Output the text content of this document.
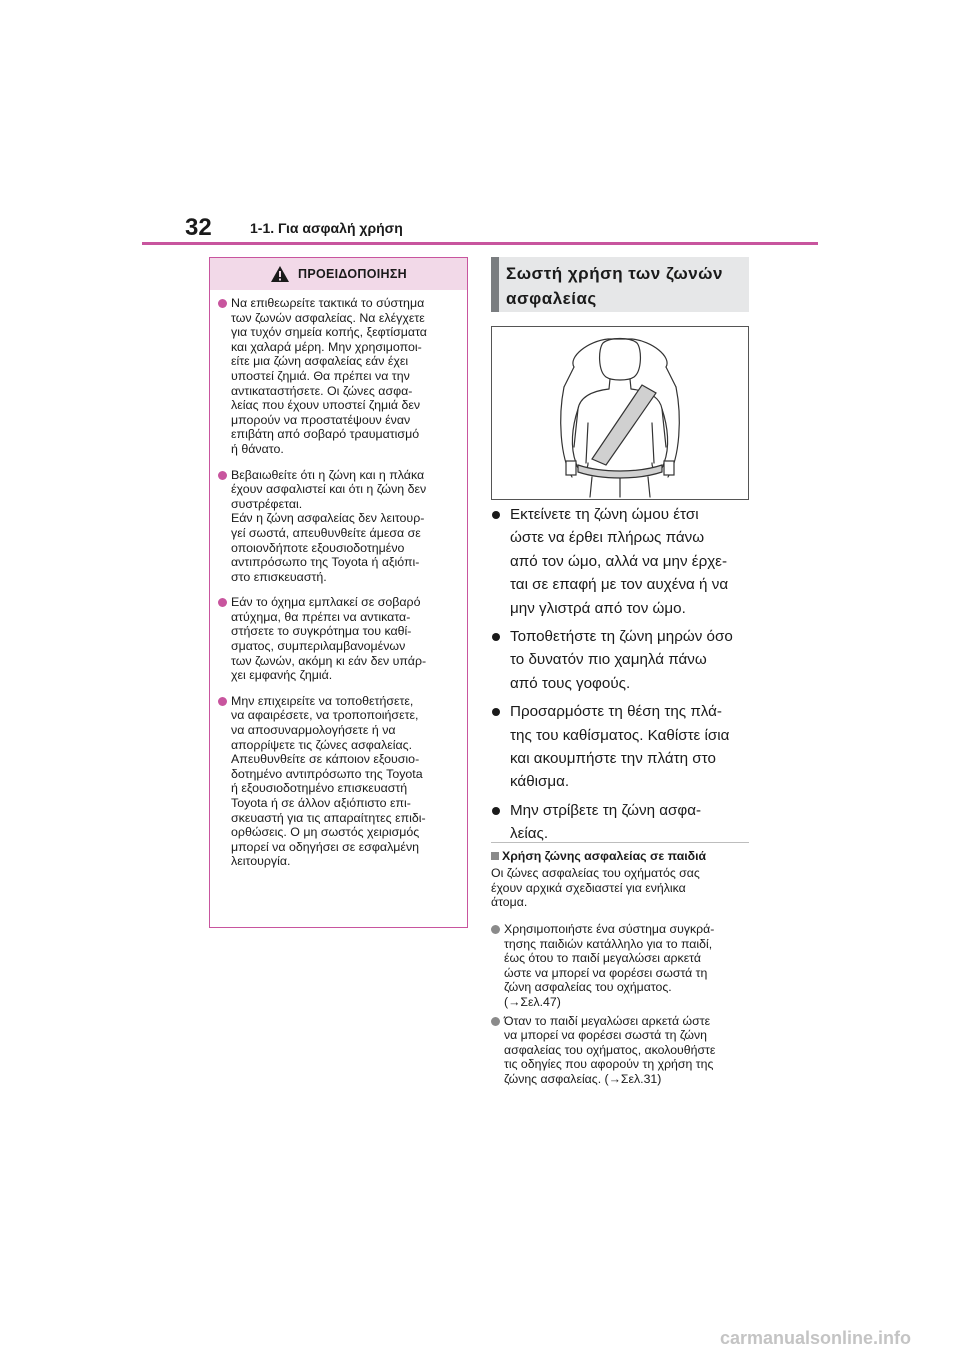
32	1-1. Για ασφαλή χρήση
ΠΡΟΕΙΔΟΠΟΙΗΣΗ
Να επιθεωρείτε τακτικά το σύστημα
των ζωνών ασφαλείας. Να ελέγχετε
για τυχόν σημεία κοπής, ξεφτίσματα
και χαλαρά μέρη. Μην χρησιμοποι-
είτε μια ζώνη ασφαλείας εάν έχει
υποστεί ζημιά. Θα πρέπει να την
αντικαταστήσετε. Οι ζώνες ασφα-
λείας που έχουν υποστεί ζημιά δεν
μπορούν να προστατέψουν έναν
επιβάτη από σοβαρό τραυματισμό
ή θάνατο.
Βεβαιωθείτε ότι η ζώνη και η πλάκα
έχουν ασφαλιστεί και ότι η ζώνη δεν
συστρέφεται.
Εάν η ζώνη ασφαλείας δεν λειτουρ-
γεί σωστά, απευθυνθείτε άμεσα σε
οποιονδήποτε εξουσιοδοτημένο
αντιπρόσωπο της Toyota ή αξιόπι-
στο επισκευαστή.
Εάν το όχημα εμπλακεί σε σοβαρό
ατύχημα, θα πρέπει να αντικατα-
στήσετε το συγκρότημα του καθί-
σματος, συμπεριλαμβανομένων
των ζωνών, ακόμη κι εάν δεν υπάρ-
χει εμφανής ζημιά.
Μην επιχειρείτε να τοποθετήσετε,
να αφαιρέσετε, να τροποποιήσετε,
να αποσυναρμολογήσετε ή να
απορρίψετε τις ζώνες ασφαλείας.
Απευθυνθείτε σε κάποιον εξουσιο-
δοτημένο αντιπρόσωπο της Toyota
ή εξουσιοδοτημένο επισκευαστή
Toyota ή σε άλλον αξιόπιστο επι-
σκευαστή για τις απαραίτητες επιδι-
ορθώσεις. Ο μη σωστός χειρισμός
μπορεί να οδηγήσει σε εσφαλμένη
λειτουργία.
Σωστή χρήση των ζωνών
ασφαλείας
Εκτείνετε τη ζώνη ώμου έτσι
ώστε να έρθει πλήρως πάνω
από τον ώμο, αλλά να μην έρχε-
ται σε επαφή με τον αυχένα ή να
μην γλιστρά από τον ώμο.
Τοποθετήστε τη ζώνη μηρών όσο
το δυνατόν πιο χαμηλά πάνω
από τους γοφούς.
Προσαρμόστε τη θέση της πλά-
της του καθίσματος. Καθίστε ίσια
και ακουμπήστε την πλάτη στο
κάθισμα.
Μην στρίβετε τη ζώνη ασφα-
λείας.
Χρήση ζώνης ασφαλείας σε παιδιά
Οι ζώνες ασφαλείας του οχήματός σας
έχουν αρχικά σχεδιαστεί για ενήλικα
άτομα.
Χρησιμοποιήστε ένα σύστημα συγκρά-
τησης παιδιών κατάλληλο για το παιδί,
έως ότου το παιδί μεγαλώσει αρκετά
ώστε να μπορεί να φορέσει σωστά τη
ζώνη ασφαλείας του οχήματος.
(→Σελ.47)
Όταν το παιδί μεγαλώσει αρκετά ώστε
να μπορεί να φορέσει σωστά τη ζώνη
ασφαλείας του οχήματος, ακολουθήστε
τις οδηγίες που αφορούν τη χρήση της
ζώνης ασφαλείας. (→Σελ.31)
carmanualsonline.info
